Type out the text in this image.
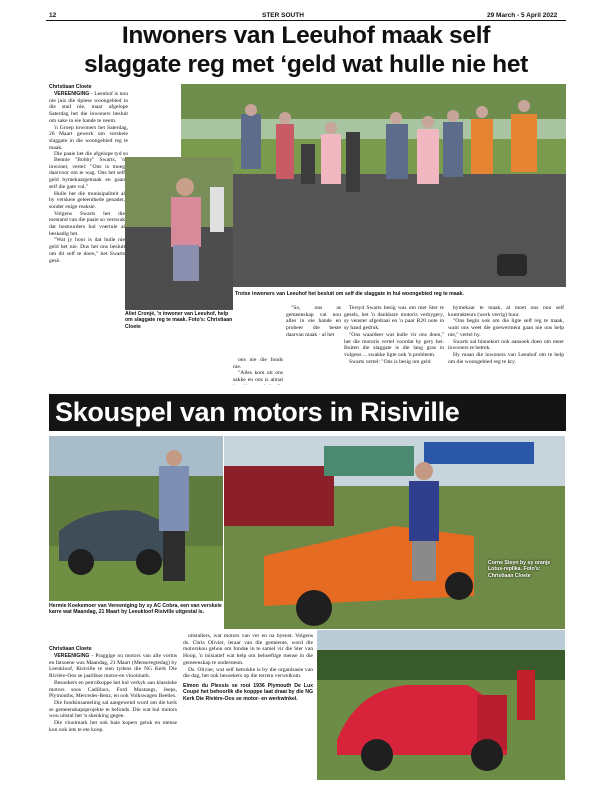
12	STER SOUTH	29 March - 5 April 2022
Inwoners van Leeuhof maak self
slaggate reg met ‘geld wat hulle nie het
Christiaan Cloete

VEREENIGING - Leeuhof is nou nie juis die tipiese woongebied in die stad nie, maar afgelope Saterdag het die inwoners besluit om sake in eie hande te neem.

'n Groep inwoners het Saterdag, 26 Maart gewerk om verskeie slaggate in die woongebied reg te maak.

Die paaie het die afgelope tyd so

Bennie "Bobby" Swarts, 'n inwoner, vertel: "Ons is moeg daarvoor om te wag. Ons het self geld bymekaargemaak en gaan self die gate vul."

Hulle het die munisipaliteit al by verskeie geleenthede genader, sonder enige reaksie.

Volgens Swarts het die toestand van die paaie so verswak dat bestuurders hul voertuie al beskadig het.

"Wat jy hoor is dat hulle nie geld het nie. Dus het ons besluit om dit self te doen," het Swarts gesê.

Aliet Cronjé, 'n inwoner van Leeuhof, help om slaggate reg te maak. Foto's: Christiaan Cloete
Trotse inwoners van Leeuhof het besluit om self die slaggate in hul woongebied reg te maak.

ons nie die fonds nie.

"Alles kom uit ons sakke en ons is almal

"So, ons as gemeenskap vat nou alles in eie hande en probeer die beste daarvan maak - al het

Tersyd Swarts besig was om met Ster te gesels, het 'n dankbare motoris verbygery, sy venster afgedraai en 'n paar R20 note in sy hand gedruk.

"Ons waardeer wat hulle vir ons doen," het die motoris vertel voordat hy gery het. Buiten die slaggate is die lang gras in volgens ... swakke ligte ook 'n probleem.

Swarts vertel: "Ons is besig om geld

bymekaar te maak, al moet ons nou self kontrakteurs (werk verrig) huur.

"Ons begin ook om die ligte self reg te maak, want ons weet die goewerment gaan nie ons help nie," vertel hy.

Swarts sal binnekort ook aansoek doen om meer inwoners te betrek.

Hy maan die inwoners van Leeuhof om te help om die woongebied reg te kry.

Skouspel van motors in Risiville
Corne Steyn by sy oranje Lotus-replika. Foto's: Christiaan Cloete
Hermie Koekemoer van Vereeniging by sy AC Cobra, een van verskeie karre wat Maandag, 21 Maart by Leeukloof Risiville uitgestal is.
Christiaan Cloete

VEREENIGING - Praggige ou motors van alle vorms en fatsoene was Maandag, 21 Maart (Menseregtedag) by Leeukloof, Risiville te sien tydens die NG Kerk Die Rivière-Oos se jaarlikse motor-en vlooimark.

Besoekers en petrolkoppe het hul verkyk aan klassieke motors soos Cadillacs, Ford Mustangs, Jeeps, Plymouths, Mercedes-Benz, en ook Volkswagen Beetles.

Die fondsinsameling sal aangewend word om die kerk se gemeenskapsprojekte te befonds. Die wat hul motors wou uitstal het 'n skenking gegee.

Die vlooimark het ook baie kopers gelok en mense kon ook iets te ete koop.

uitstallers, wat motors van ver en na byenst. Volgens ds. Chris Olivier, leraar van die gemeente, word die motorskou gehou om fondse in te samel vir die Ster van Hoop, 'n inisiatief wat help om behoeftige mense in die gemeenskap te ondersteun.

Ds. Olivier, wat self betrokke is by die organisasie van die dag, het ook besoekers op die terrein verwelkom.

Elmon du Plessis se rooi 1936 Plymouth De Lux Coupé het behoorlik die kopppe laat draai by die NG Kerk Die Rivière-Oos se motor- en werkwinkel.
